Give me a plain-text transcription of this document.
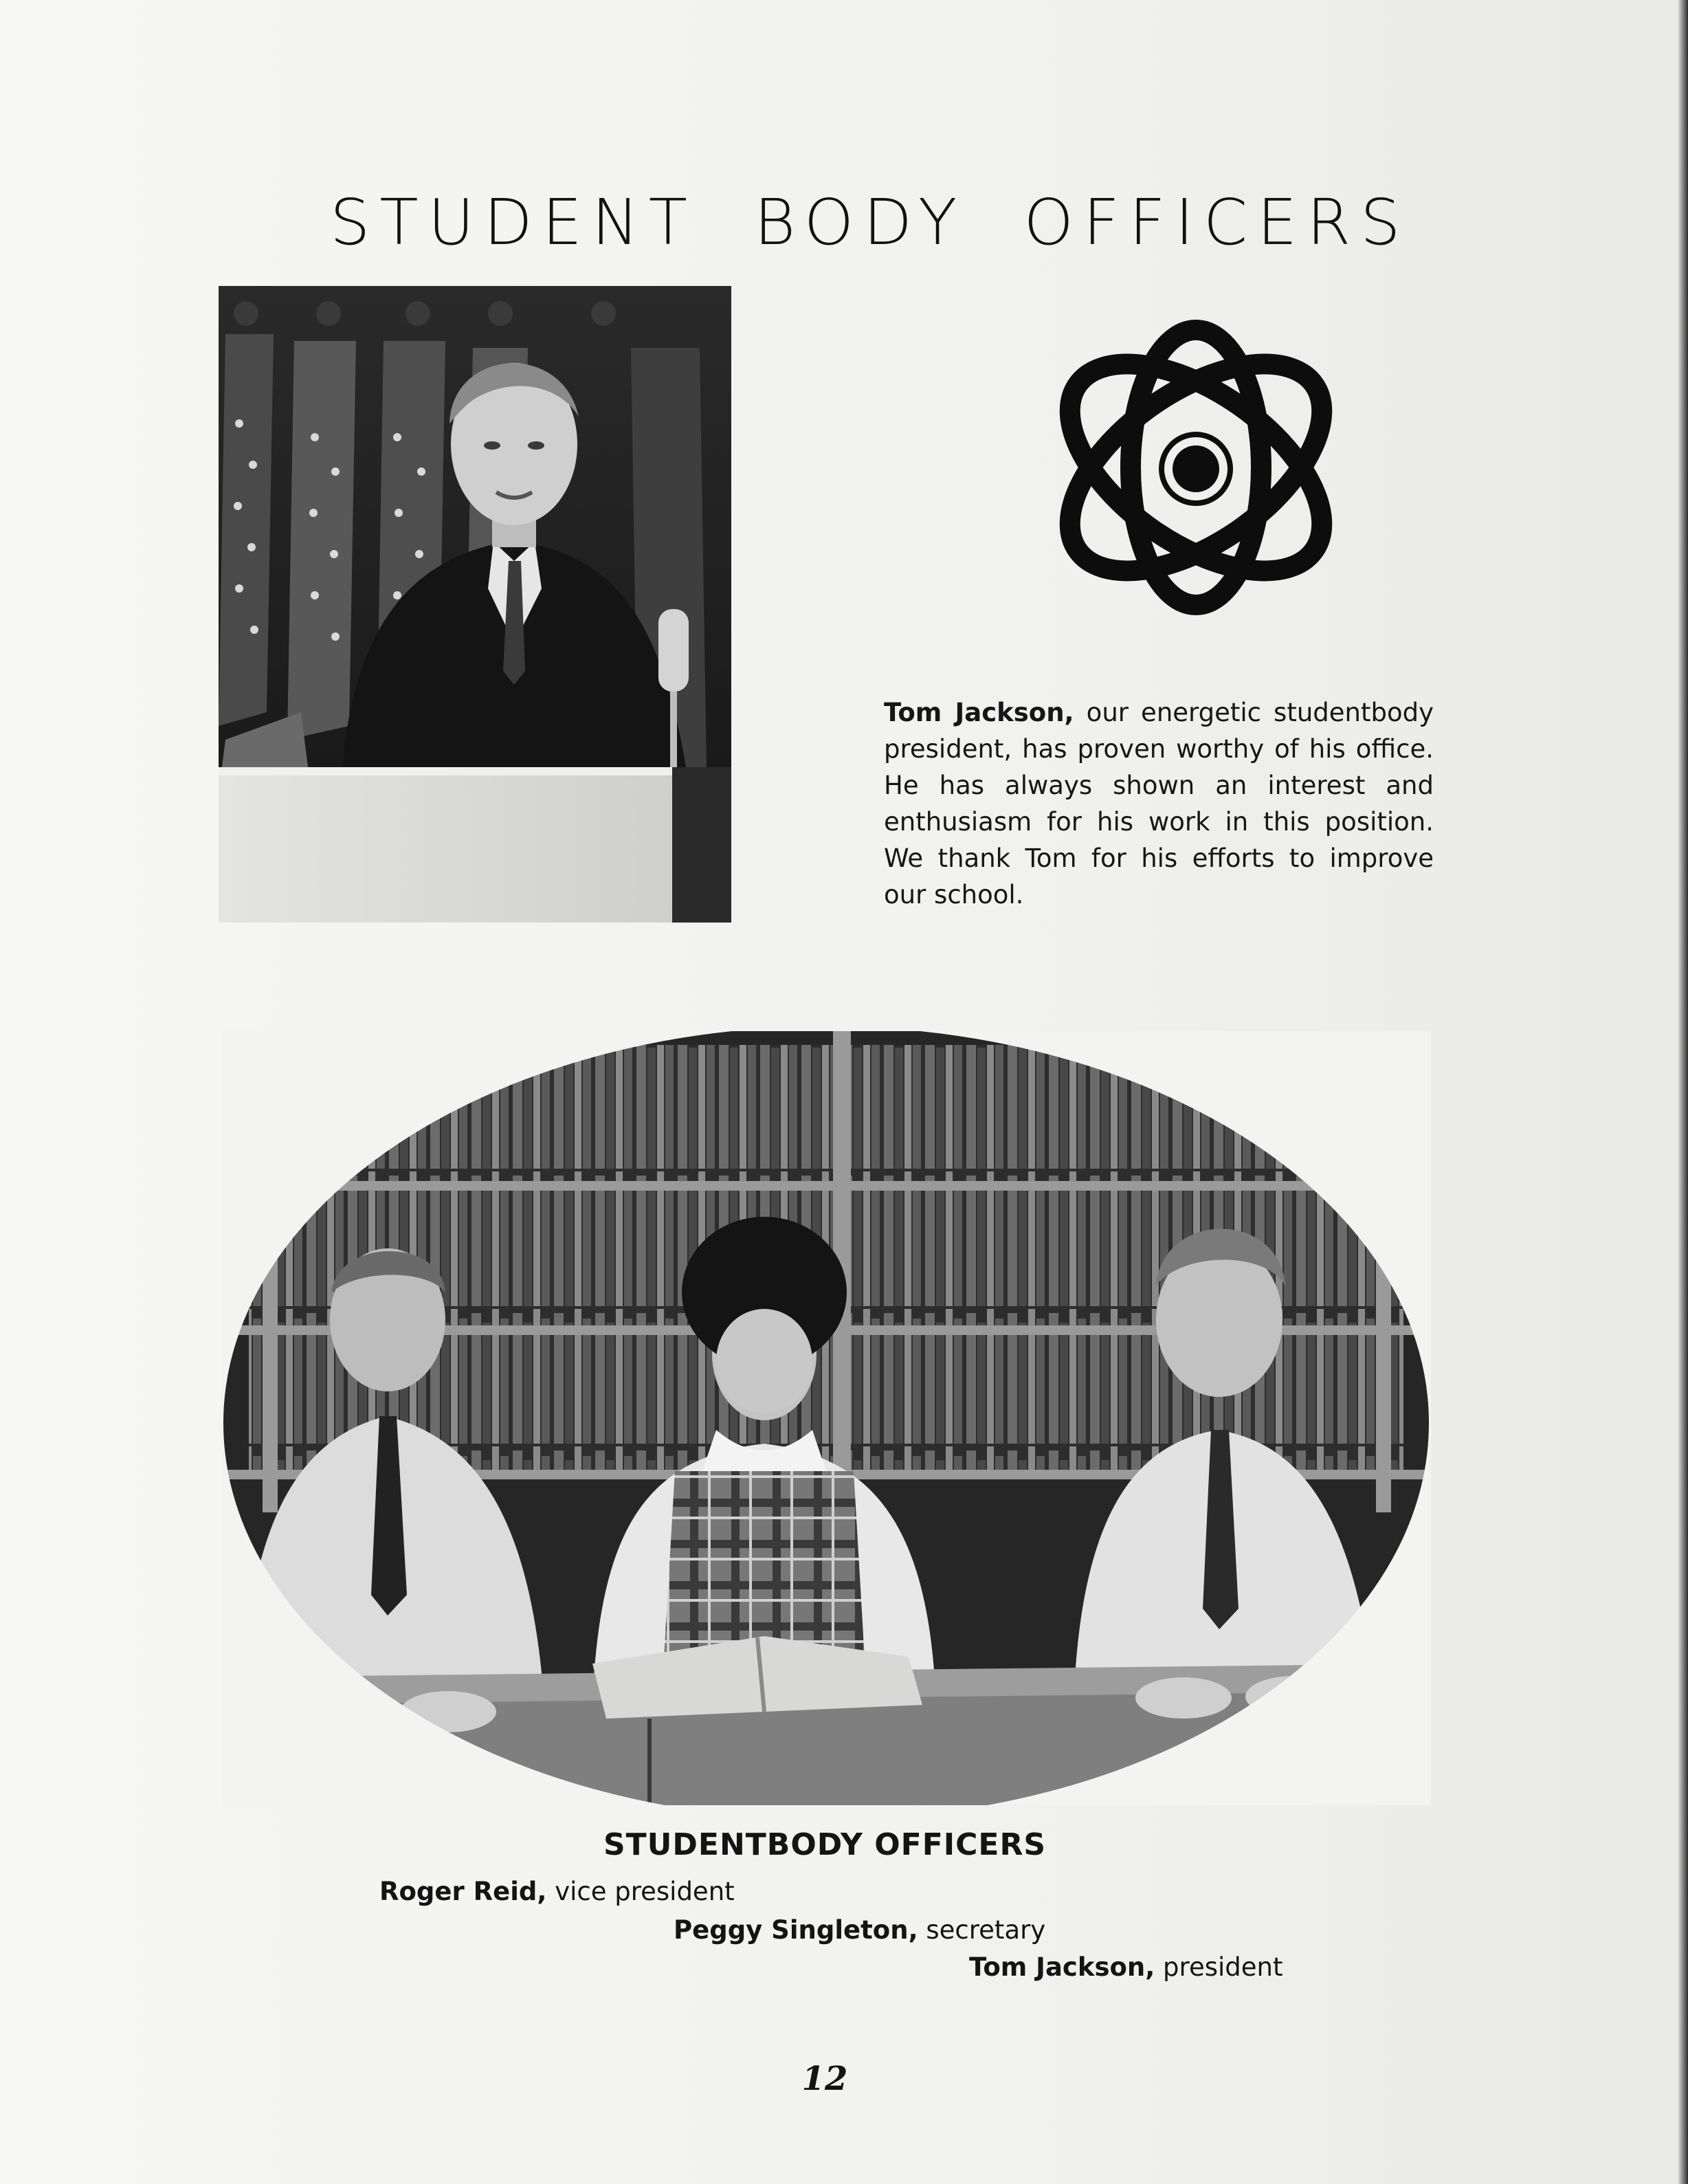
STUDENT BODY OFFICERS

Tom Jackson, our energetic studentbody president, has proven worthy of his office. He has always shown an interest and enthusiasm for his work in this position. We thank Tom for his efforts to improve our school.

STUDENTBODY OFFICERS

Roger Reid, vice president

Peggy Singleton, secretary

Tom Jackson, president

12
